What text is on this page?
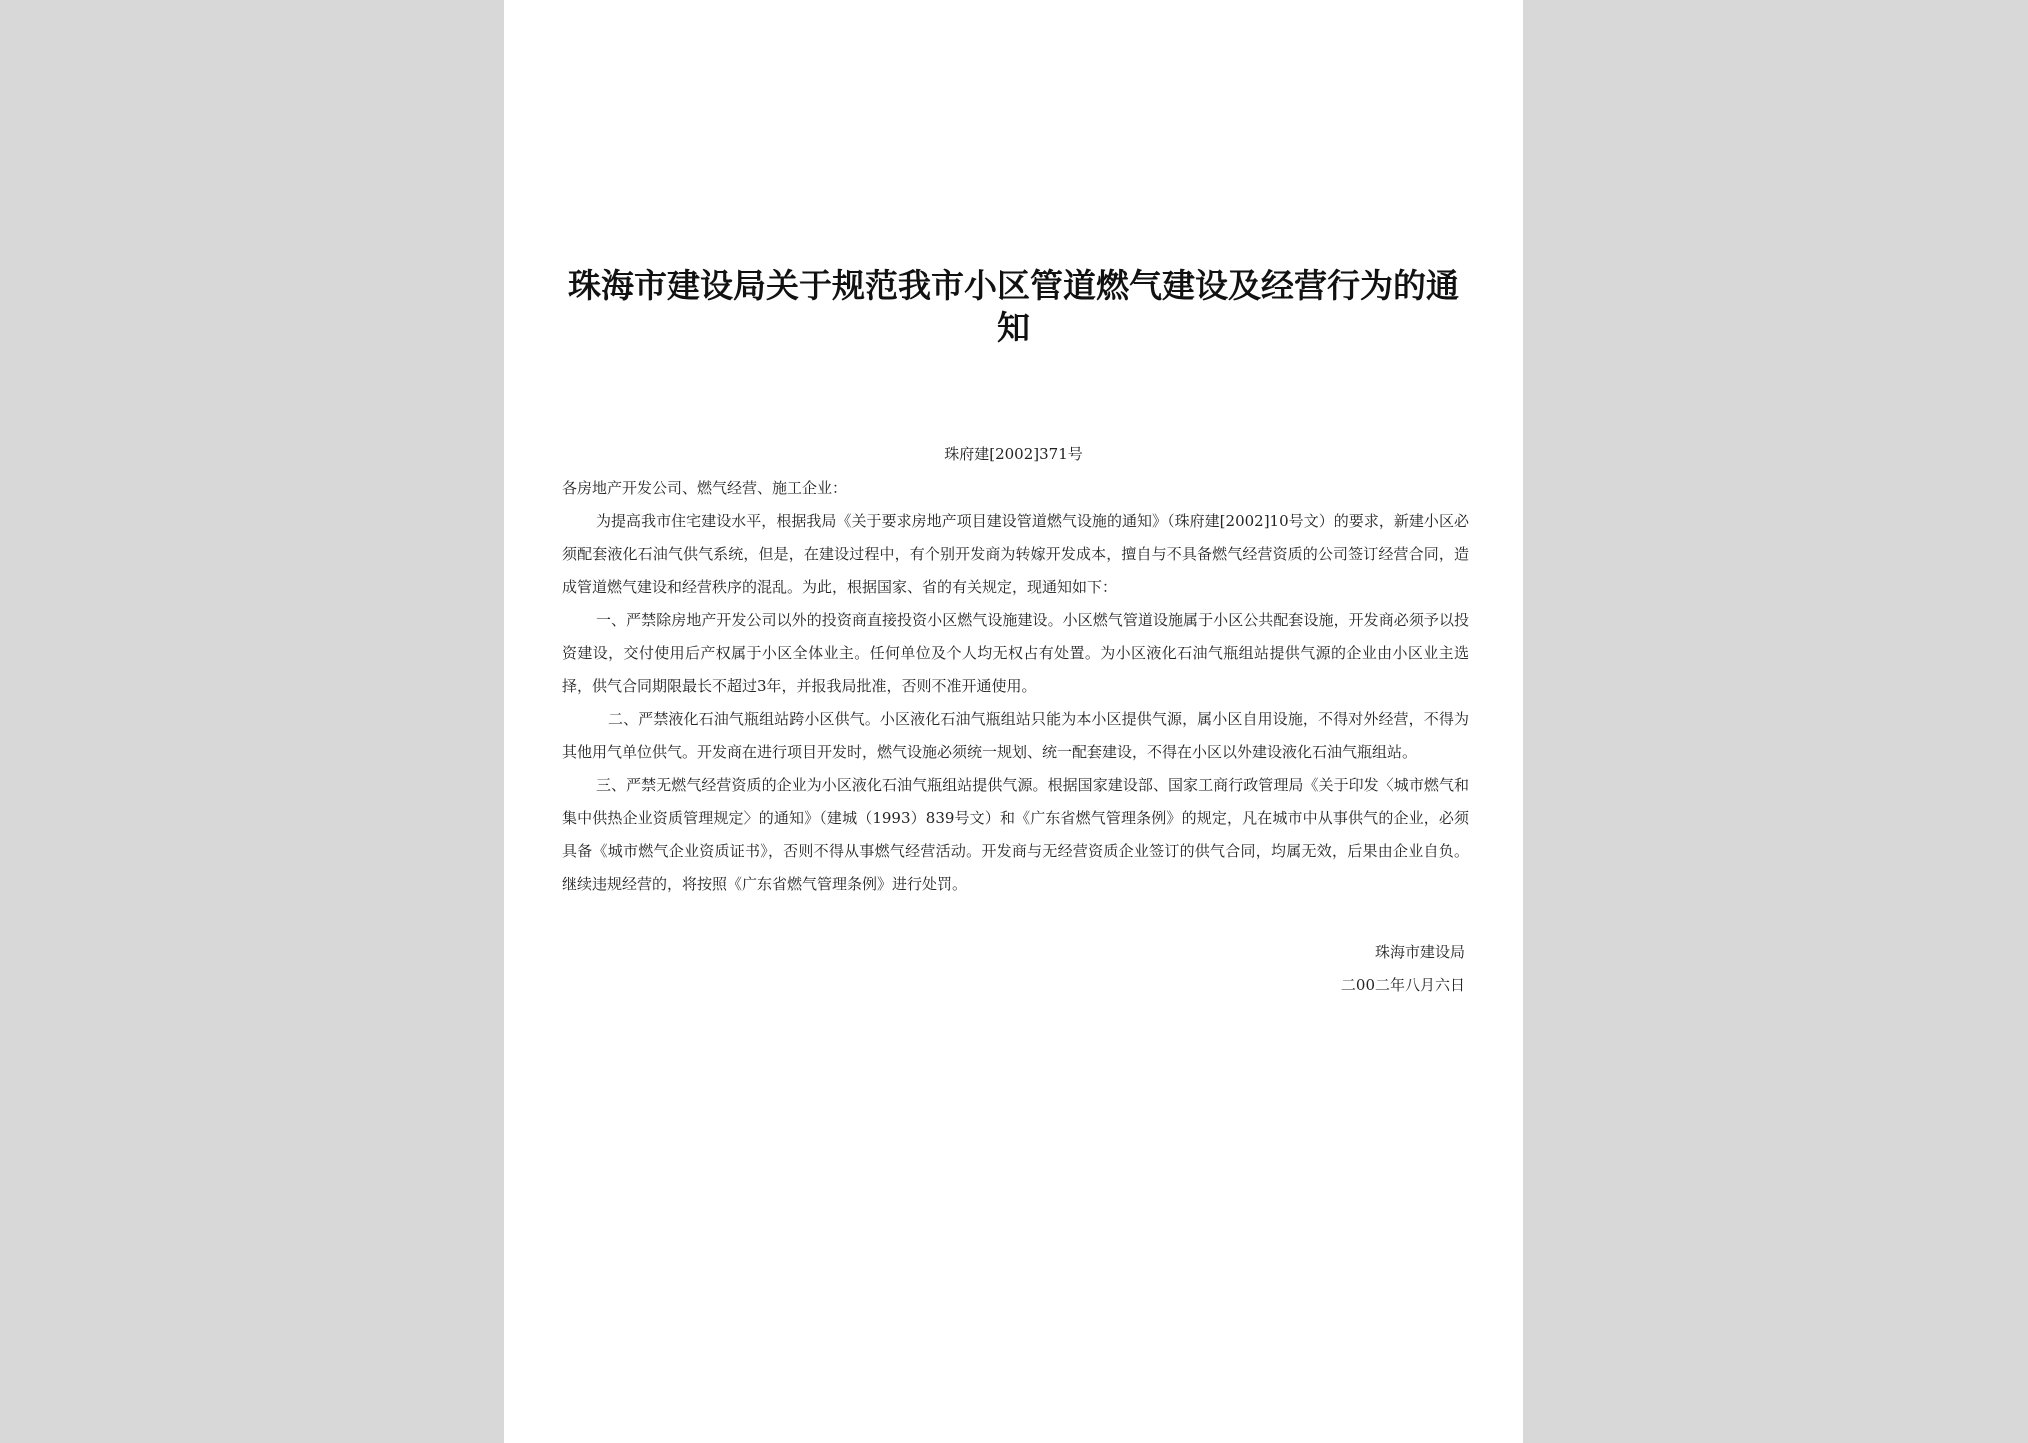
珠海市建设局关于规范我市小区管道燃气建设及经营行为的通知
珠府建[2002]371号

各房地产开发公司、燃气经营、施工企业：

为提高我市住宅建设水平，根据我局《关于要求房地产项目建设管道燃气设施的通知》（珠府建[2002]10号文）的要求，新建小区必须配套液化石油气供气系统，但是，在建设过程中，有个别开发商为转嫁开发成本，擅自与不具备燃气经营资质的公司签订经营合同，造成管道燃气建设和经营秩序的混乱。为此，根据国家、省的有关规定，现通知如下：

一、严禁除房地产开发公司以外的投资商直接投资小区燃气设施建设。小区燃气管道设施属于小区公共配套设施，开发商必须予以投资建设，交付使用后产权属于小区全体业主。任何单位及个人均无权占有处置。为小区液化石油气瓶组站提供气源的企业由小区业主选择，供气合同期限最长不超过3年，并报我局批准，否则不准开通使用。

二、严禁液化石油气瓶组站跨小区供气。小区液化石油气瓶组站只能为本小区提供气源，属小区自用设施，不得对外经营，不得为其他用气单位供气。开发商在进行项目开发时，燃气设施必须统一规划、统一配套建设，不得在小区以外建设液化石油气瓶组站。

三、严禁无燃气经营资质的企业为小区液化石油气瓶组站提供气源。根据国家建设部、国家工商行政管理局《关于印发〈城市燃气和集中供热企业资质管理规定〉的通知》（建城（1993）839号文）和《广东省燃气管理条例》的规定，凡在城市中从事供气的企业，必须具备《城市燃气企业资质证书》，否则不得从事燃气经营活动。开发商与无经营资质企业签订的供气合同，均属无效，后果由企业自负。继续违规经营的，将按照《广东省燃气管理条例》进行处罚。

珠海市建设局
二00二年八月六日
